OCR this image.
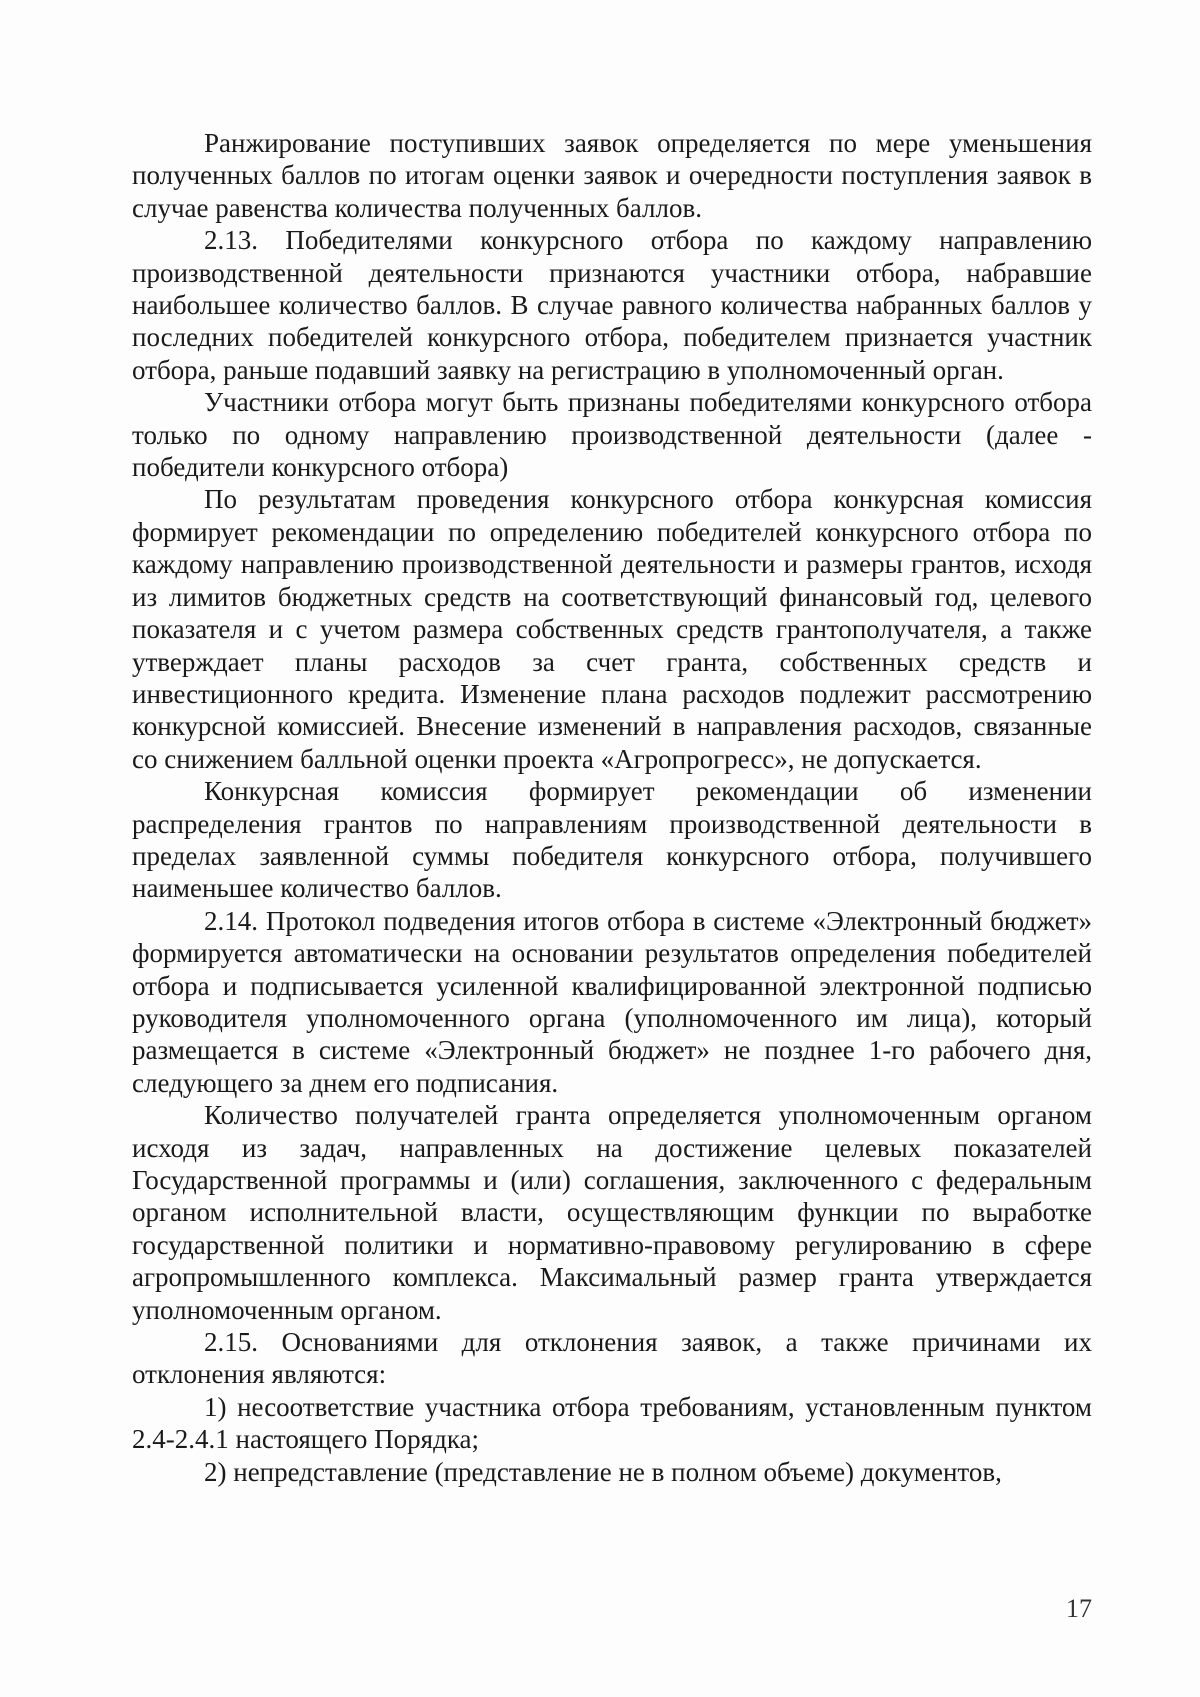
Ранжирование поступивших заявок определяется по мере уменьшения полученных баллов по итогам оценки заявок и очередности поступления заявок в случае равенства количества полученных баллов.

2.13. Победителями конкурсного отбора по каждому направлению производственной деятельности признаются участники отбора, набравшие наибольшее количество баллов. В случае равного количества набранных баллов у последних победителей конкурсного отбора, победителем признается участник отбора, раньше подавший заявку на регистрацию в уполномоченный орган.

Участники отбора могут быть признаны победителями конкурсного отбора только по одному направлению производственной деятельности (далее - победители конкурсного отбора)

По результатам проведения конкурсного отбора конкурсная комиссия формирует рекомендации по определению победителей конкурсного отбора по каждому направлению производственной деятельности и размеры грантов, исходя из лимитов бюджетных средств на соответствующий финансовый год, целевого показателя и с учетом размера собственных средств грантополучателя, а также утверждает планы расходов за счет гранта, собственных средств и инвестиционного кредита. Изменение плана расходов подлежит рассмотрению конкурсной комиссией. Внесение изменений в направления расходов, связанные со снижением балльной оценки проекта «Агропрогресс», не допускается.

Конкурсная комиссия формирует рекомендации об изменении распределения грантов по направлениям производственной деятельности в пределах заявленной суммы победителя конкурсного отбора, получившего наименьшее количество баллов.

2.14. Протокол подведения итогов отбора в системе «Электронный бюджет» формируется автоматически на основании результатов определения победителей отбора и подписывается усиленной квалифицированной электронной подписью руководителя уполномоченного органа (уполномоченного им лица), который размещается в системе «Электронный бюджет» не позднее 1-го рабочего дня, следующего за днем его подписания.

Количество получателей гранта определяется уполномоченным органом исходя из задач, направленных на достижение целевых показателей Государственной программы и (или) соглашения, заключенного с федеральным органом исполнительной власти, осуществляющим функции по выработке государственной политики и нормативно-правовому регулированию в сфере агропромышленного комплекса. Максимальный размер гранта утверждается уполномоченным органом.

2.15. Основаниями для отклонения заявок, а также причинами их отклонения являются:

1) несоответствие участника отбора требованиям, установленным пунктом 2.4-2.4.1 настоящего Порядка;

2) непредставление (представление не в полном объеме) документов,

17
